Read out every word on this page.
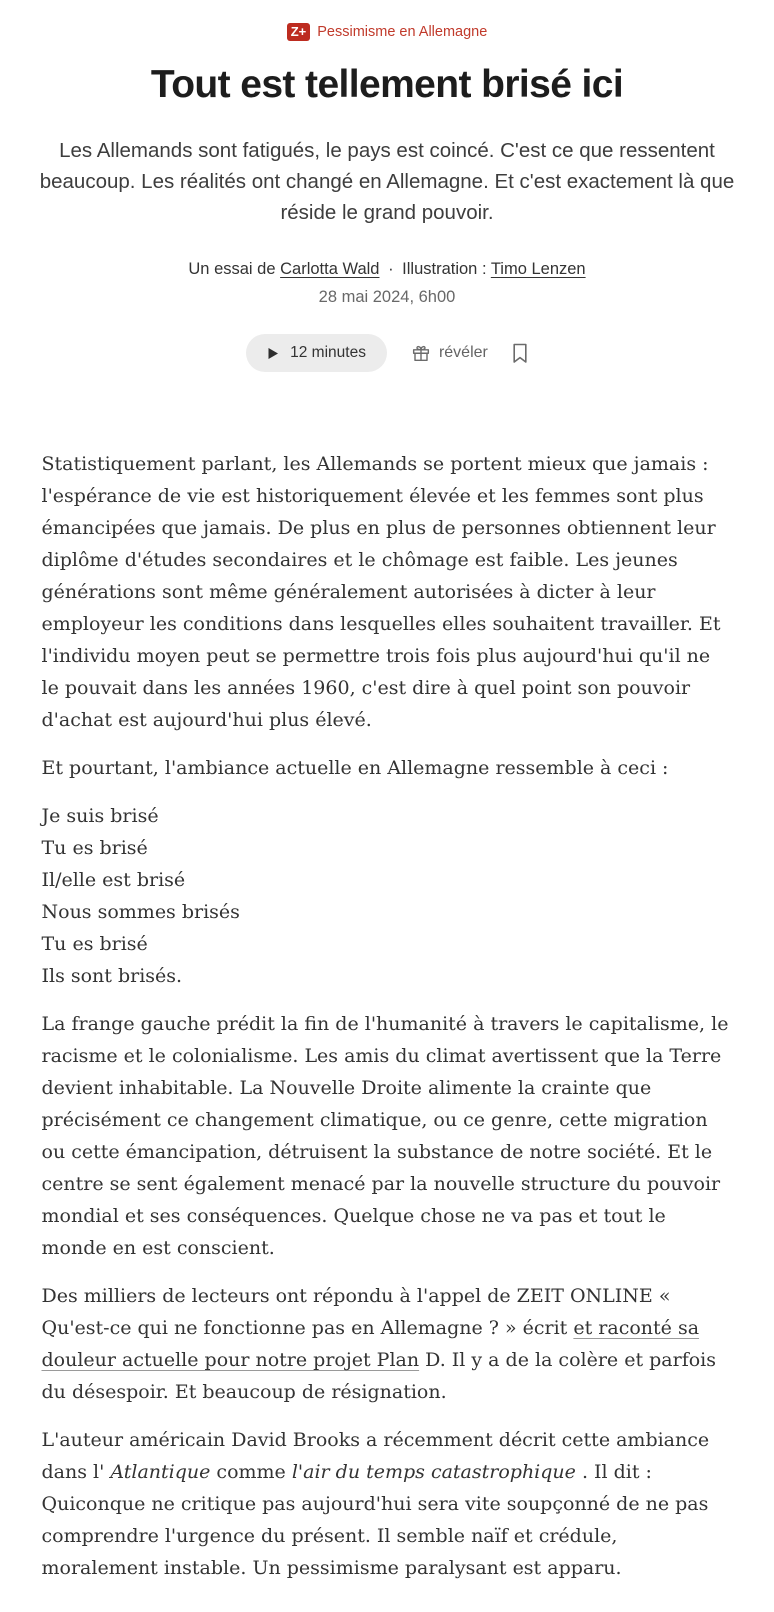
Z+ Pessimisme en Allemagne
Tout est tellement brisé ici

Les Allemands sont fatigués, le pays est coincé. C'est ce que ressentent beaucoup. Les réalités ont changé en Allemagne. Et c'est exactement là que réside le grand pouvoir.

Un essai de Carlotta Wald · Illustration : Timo Lenzen
28 mai 2024, 6h00
12 minutes	révéler

Statistiquement parlant, les Allemands se portent mieux que jamais : l'espérance de vie est historiquement élevée et les femmes sont plus émancipées que jamais. De plus en plus de personnes obtiennent leur diplôme d'études secondaires et le chômage est faible. Les jeunes générations sont même généralement autorisées à dicter à leur employeur les conditions dans lesquelles elles souhaitent travailler. Et l'individu moyen peut se permettre trois fois plus aujourd'hui qu'il ne le pouvait dans les années 1960, c'est dire à quel point son pouvoir d'achat est aujourd'hui plus élevé.

Et pourtant, l'ambiance actuelle en Allemagne ressemble à ceci :

Je suis brisé
Tu es brisé
Il/elle est brisé
Nous sommes brisés
Tu es brisé
Ils sont brisés.

La frange gauche prédit la fin de l'humanité à travers le capitalisme, le racisme et le colonialisme. Les amis du climat avertissent que la Terre devient inhabitable. La Nouvelle Droite alimente la crainte que précisément ce changement climatique, ou ce genre, cette migration ou cette émancipation, détruisent la substance de notre société. Et le centre se sent également menacé par la nouvelle structure du pouvoir mondial et ses conséquences. Quelque chose ne va pas et tout le monde en est conscient.

Des milliers de lecteurs ont répondu à l'appel de ZEIT ONLINE « Qu'est-ce qui ne fonctionne pas en Allemagne ? » écrit et raconté sa douleur actuelle pour notre projet Plan D. Il y a de la colère et parfois du désespoir. Et beaucoup de résignation.

L'auteur américain David Brooks a récemment décrit cette ambiance dans l' Atlantique comme l'air du temps catastrophique . Il dit : Quiconque ne critique pas aujourd'hui sera vite soupçonné de ne pas comprendre l'urgence du présent. Il semble naïf et crédule, moralement instable. Un pessimisme paralysant est apparu.
